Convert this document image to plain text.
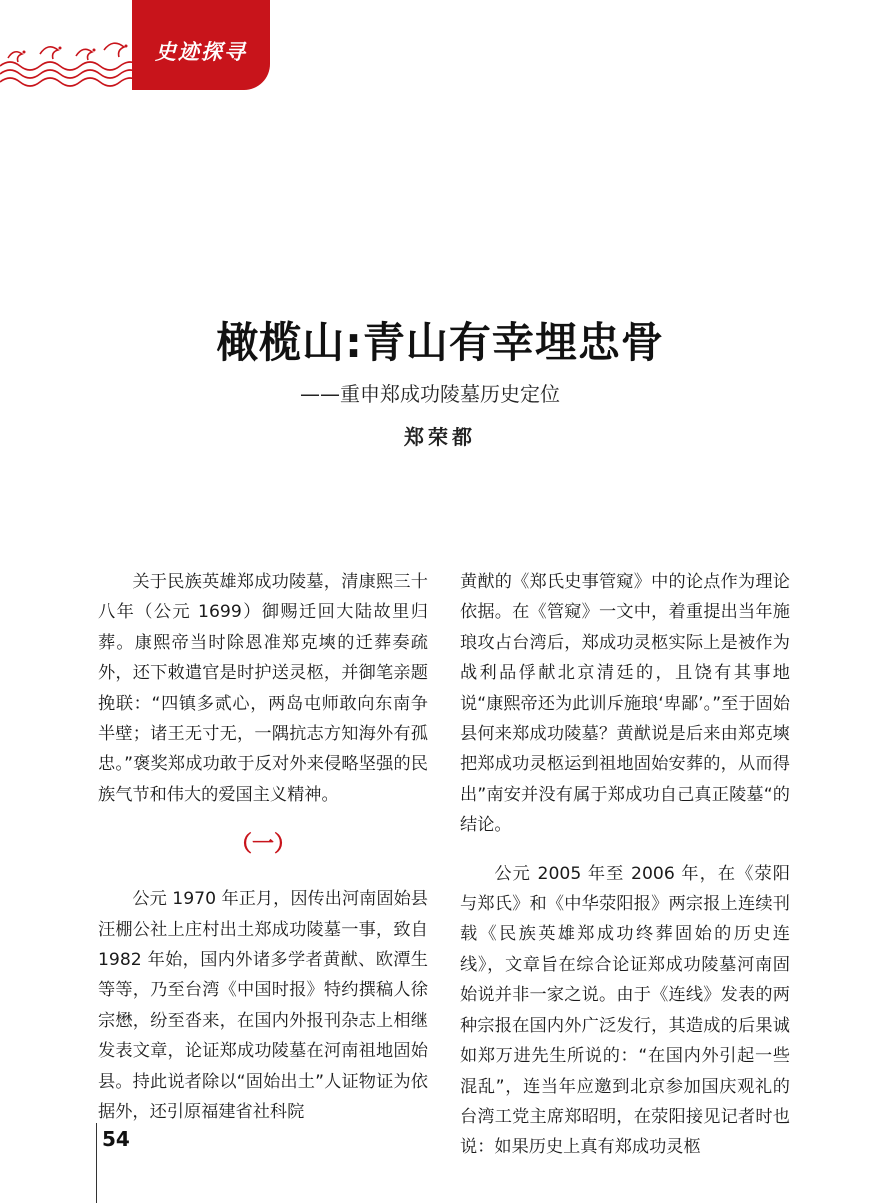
史迹探寻
橄榄山:青山有幸埋忠骨
——重申郑成功陵墓历史定位
郑荣都

关于民族英雄郑成功陵墓，清康熙三十八年（公元 1699）御赐迁回大陆故里归葬。康熙帝当时除恩准郑克塽的迁葬奏疏外，还下敕遣官是时护送灵柩，并御笔亲题挽联：“四镇多贰心，两岛屯师敢向东南争半壁；诸王无寸无，一隅抗志方知海外有孤忠。”褒奖郑成功敢于反对外来侵略坚强的民族气节和伟大的爱国主义精神。

（一）

公元 1970 年正月，因传出河南固始县汪棚公社上庄村出土郑成功陵墓一事，致自 1982 年始，国内外诸多学者黄猷、欧潭生等等，乃至台湾《中国时报》特约撰稿人徐宗懋，纷至沓来，在国内外报刊杂志上相继发表文章，论证郑成功陵墓在河南祖地固始县。持此说者除以“固始出土”人证物证为依据外，还引原福建省社科院

黄猷的《郑氏史事管窥》中的论点作为理论依据。在《管窥》一文中，着重提出当年施琅攻占台湾后，郑成功灵柩实际上是被作为战利品俘献北京清廷的，且饶有其事地说“康熙帝还为此训斥施琅‘卑鄙’。”至于固始县何来郑成功陵墓？黄猷说是后来由郑克塽把郑成功灵柩运到祖地固始安葬的，从而得出”南安并没有属于郑成功自己真正陵墓“的结论。

公元 2005 年至 2006 年，在《荥阳与郑氏》和《中华荥阳报》两宗报上连续刊载《民族英雄郑成功终葬固始的历史连线》，文章旨在综合论证郑成功陵墓河南固始说并非一家之说。由于《连线》发表的两种宗报在国内外广泛发行，其造成的后果诚如郑万进先生所说的：“在国内外引起一些混乱”，连当年应邀到北京参加国庆观礼的台湾工党主席郑昭明，在荥阳接见记者时也说：如果历史上真有郑成功灵柩

54
